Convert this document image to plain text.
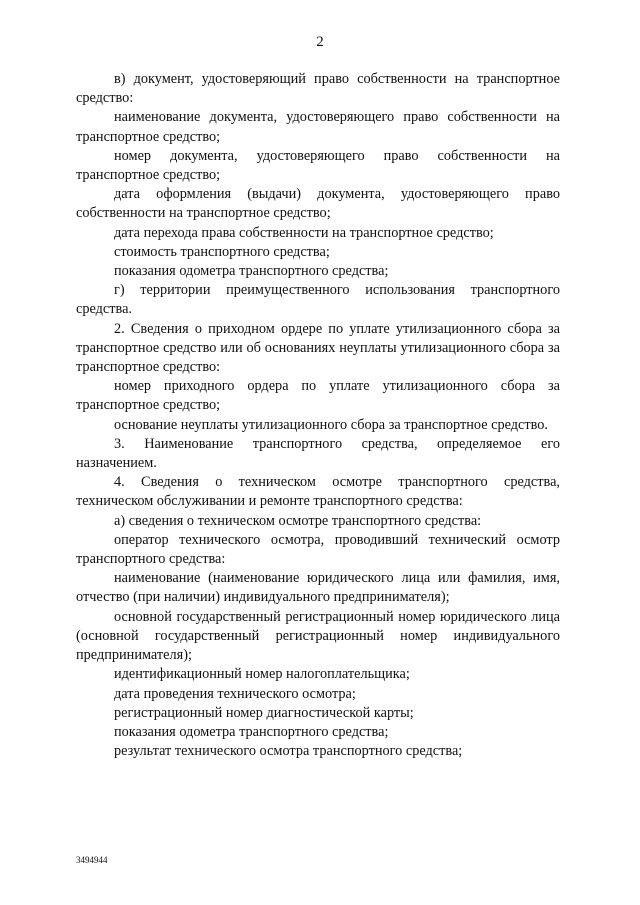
2

в) документ, удостоверяющий право собственности на транспортное средство:

наименование документа, удостоверяющего право собственности на транспортное средство;

номер документа, удостоверяющего право собственности на транспортное средство;

дата оформления (выдачи) документа, удостоверяющего право собственности на транспортное средство;

дата перехода права собственности на транспортное средство;

стоимость транспортного средства;

показания одометра транспортного средства;

г) территории преимущественного использования транспортного средства.

2. Сведения о приходном ордере по уплате утилизационного сбора за транспортное средство или об основаниях неуплаты утилизационного сбора за транспортное средство:

номер приходного ордера по уплате утилизационного сбора за транспортное средство;

основание неуплаты утилизационного сбора за транспортное средство.

3. Наименование транспортного средства, определяемое его назначением.

4. Сведения о техническом осмотре транспортного средства, техническом обслуживании и ремонте транспортного средства:

а) сведения о техническом осмотре транспортного средства:

оператор технического осмотра, проводивший технический осмотр транспортного средства:

наименование (наименование юридического лица или фамилия, имя, отчество (при наличии) индивидуального предпринимателя);

основной государственный регистрационный номер юридического лица (основной государственный регистрационный номер индивидуального предпринимателя);

идентификационный номер налогоплательщика;

дата проведения технического осмотра;

регистрационный номер диагностической карты;

показания одометра транспортного средства;

результат технического осмотра транспортного средства;

3494944
